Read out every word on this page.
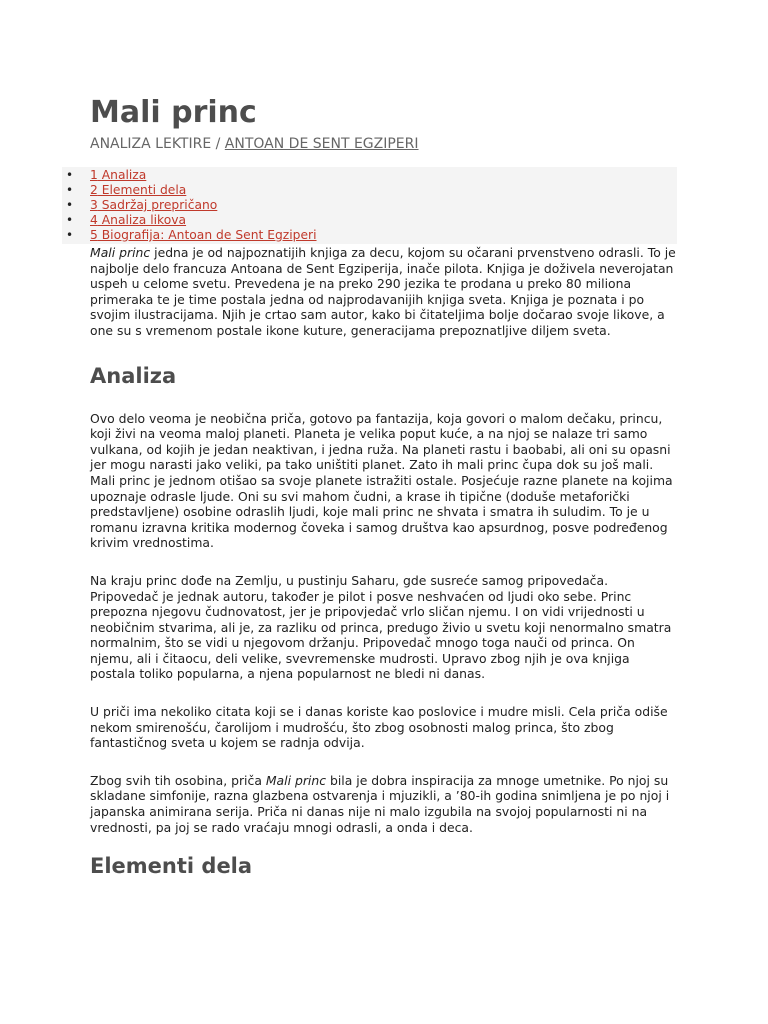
Mali princ
ANALIZA LEKTIRE / ANTOAN DE SENT EGZIPERI
• 1 Analiza
• 2 Elementi dela
• 3 Sadržaj prepričano
• 4 Analiza likova
• 5 Biografija: Antoan de Sent Egziperi

Mali princ jedna je od najpoznatijih knjiga za decu, kojom su očarani prvenstveno odrasli. To je najbolje delo francuza Antoana de Sent Egziperija, inače pilota. Knjiga je doživela neverojatan uspeh u celome svetu. Prevedena je na preko 290 jezika te prodana u preko 80 miliona primeraka te je time postala jedna od najprodavanijih knjiga sveta. Knjiga je poznata i po svojim ilustracijama. Njih je crtao sam autor, kako bi čitateljima bolje dočarao svoje likove, a one su s vremenom postale ikone kuture, generacijama prepoznatljive diljem sveta.

Analiza

Ovo delo veoma je neobična priča, gotovo pa fantazija, koja govori o malom dečaku, princu, koji živi na veoma maloj planeti. Planeta je velika poput kuće, a na njoj se nalaze tri samo vulkana, od kojih je jedan neaktivan, i jedna ruža. Na planeti rastu i baobabi, ali oni su opasni jer mogu narasti jako veliki, pa tako uništiti planet. Zato ih mali princ čupa dok su još mali. Mali princ je jednom otišao sa svoje planete istražiti ostale. Posjećuje razne planete na kojima upoznaje odrasle ljude. Oni su svi mahom čudni, a krase ih tipične (doduše metaforički predstavljene) osobine odraslih ljudi, koje mali princ ne shvata i smatra ih suludim. To je u romanu izravna kritika modernog čoveka i samog društva kao apsurdnog, posve podređenog krivim vrednostima.

Na kraju princ dođe na Zemlju, u pustinju Saharu, gde susreće samog pripovedača. Pripovedač je jednak autoru, također je pilot i posve neshvaćen od ljudi oko sebe. Princ prepozna njegovu čudnovatost, jer je pripovjedač vrlo sličan njemu. I on vidi vrijednosti u neobičnim stvarima, ali je, za razliku od princa, predugo živio u svetu koji nenormalno smatra normalnim, što se vidi u njegovom držanju. Pripovedač mnogo toga nauči od princa. On njemu, ali i čitaocu, deli velike, svevremenske mudrosti. Upravo zbog njih je ova knjiga postala toliko popularna, a njena popularnost ne bledi ni danas.

U priči ima nekoliko citata koji se i danas koriste kao poslovice i mudre misli. Cela priča odiše nekom smirenošću, čarolijom i mudrošću, što zbog osobnosti malog princa, što zbog fantastičnog sveta u kojem se radnja odvija.

Zbog svih tih osobina, priča Mali princ bila je dobra inspiracija za mnoge umetnike. Po njoj su skladane simfonije, razna glazbena ostvarenja i mjuzikli, a ’80-ih godina snimljena je po njoj i japanska animirana serija. Priča ni danas nije ni malo izgubila na svojoj popularnosti ni na vrednosti, pa joj se rado vraćaju mnogi odrasli, a onda i deca.

Elementi dela
